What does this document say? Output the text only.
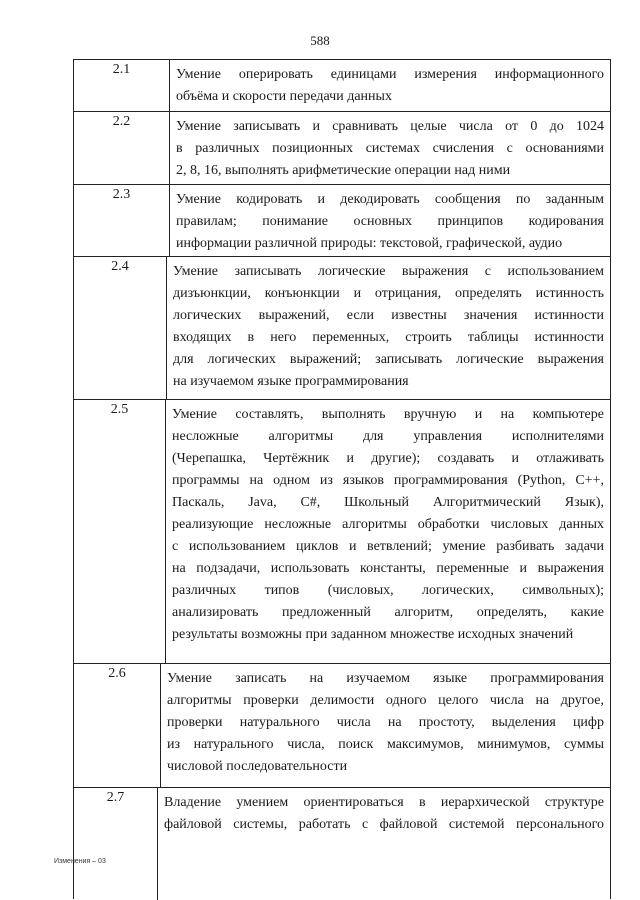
588
2.1	Умение оперировать единицами измерения информационного
объёма и скорости передачи данных
2.2	Умение записывать и сравнивать целые числа от 0 до 1024
в различных позиционных системах счисления с основаниями
2, 8, 16, выполнять арифметические операции над ними
2.3	Умение кодировать и декодировать сообщения по заданным
правилам; понимание основных принципов кодирования
информации различной природы: текстовой, графической, аудио
2.4	Умение записывать логические выражения с использованием
дизъюнкции, конъюнкции и отрицания, определять истинность
логических выражений, если известны значения истинности
входящих в него переменных, строить таблицы истинности
для логических выражений; записывать логические выражения
на изучаемом языке программирования
2.5	Умение составлять, выполнять вручную и на компьютере
несложные алгоритмы для управления исполнителями
(Черепашка, Чертёжник и другие); создавать и отлаживать
программы на одном из языков программирования (Python, C++,
Паскаль, Java, C#, Школьный Алгоритмический Язык),
реализующие несложные алгоритмы обработки числовых данных
с использованием циклов и ветвлений; умение разбивать задачи
на подзадачи, использовать константы, переменные и выражения
различных типов (числовых, логических, символьных);
анализировать предложенный алгоритм, определять, какие
результаты возможны при заданном множестве исходных значений
2.6	Умение записать на изучаемом языке программирования
алгоритмы проверки делимости одного целого числа на другое,
проверки натурального числа на простоту, выделения цифр
из натурального числа, поиск максимумов, минимумов, суммы
числовой последовательности
2.7	Владение умением ориентироваться в иерархической структуре
файловой системы, работать с файловой системой персонального
Изменения – 03
